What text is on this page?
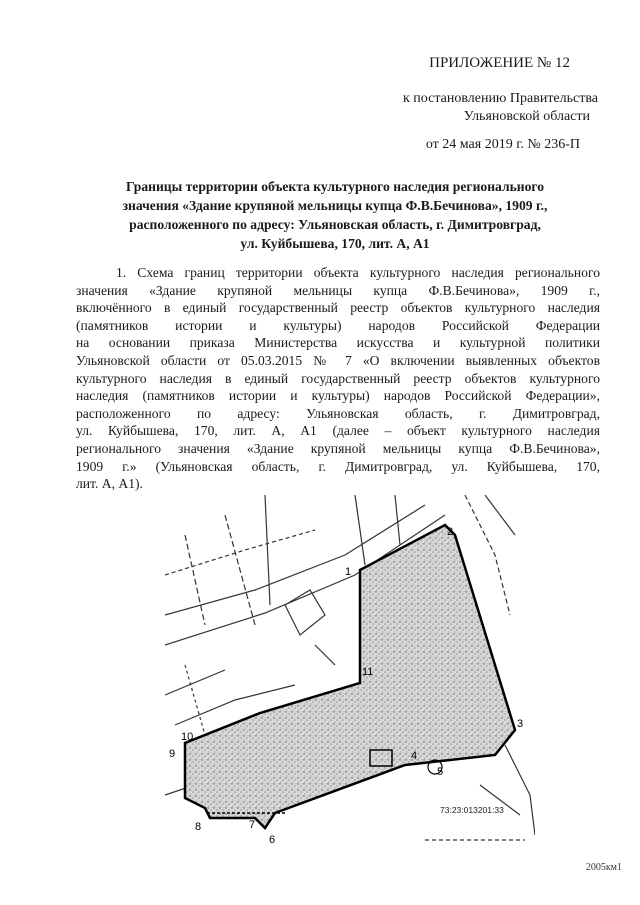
ПРИЛОЖЕНИЕ № 12
к постановлению Правительства
Ульяновской области
от 24 мая 2019 г. № 236-П
Границы территории объекта культурного наследия регионального
значения «Здание крупяной мельницы купца Ф.В.Бечинова», 1909 г.,
расположенного по адресу: Ульяновская область, г. Димитровград,
ул. Куйбышева, 170, лит. А, А1
1. Схема границ территории объекта культурного наследия регионального
значения «Здание крупяной мельницы купца Ф.В.Бечинова», 1909 г.,
включённого в единый государственный реестр объектов культурного наследия
(памятников истории и культуры) народов Российской Федерации
на основании приказа Министерства искусства и культурной политики
Ульяновской области от 05.03.2015 № 7 «О включении выявленных объектов
культурного наследия в единый государственный реестр объектов культурного
наследия (памятников истории и культуры) народов Российской Федерации»,
расположенного по адресу: Ульяновская область, г. Димитровград,
ул. Куйбышева, 170, лит. А, А1 (далее – объект культурного наследия
регионального значения «Здание крупяной мельницы купца Ф.В.Бечинова»,
1909 г.» (Ульяновская область, г. Димитровград, ул. Куйбышева, 170,
лит. А, А1).
1
2
3
4
5
6
7
8
9
10
11
73:23:013201:33
2005км1
